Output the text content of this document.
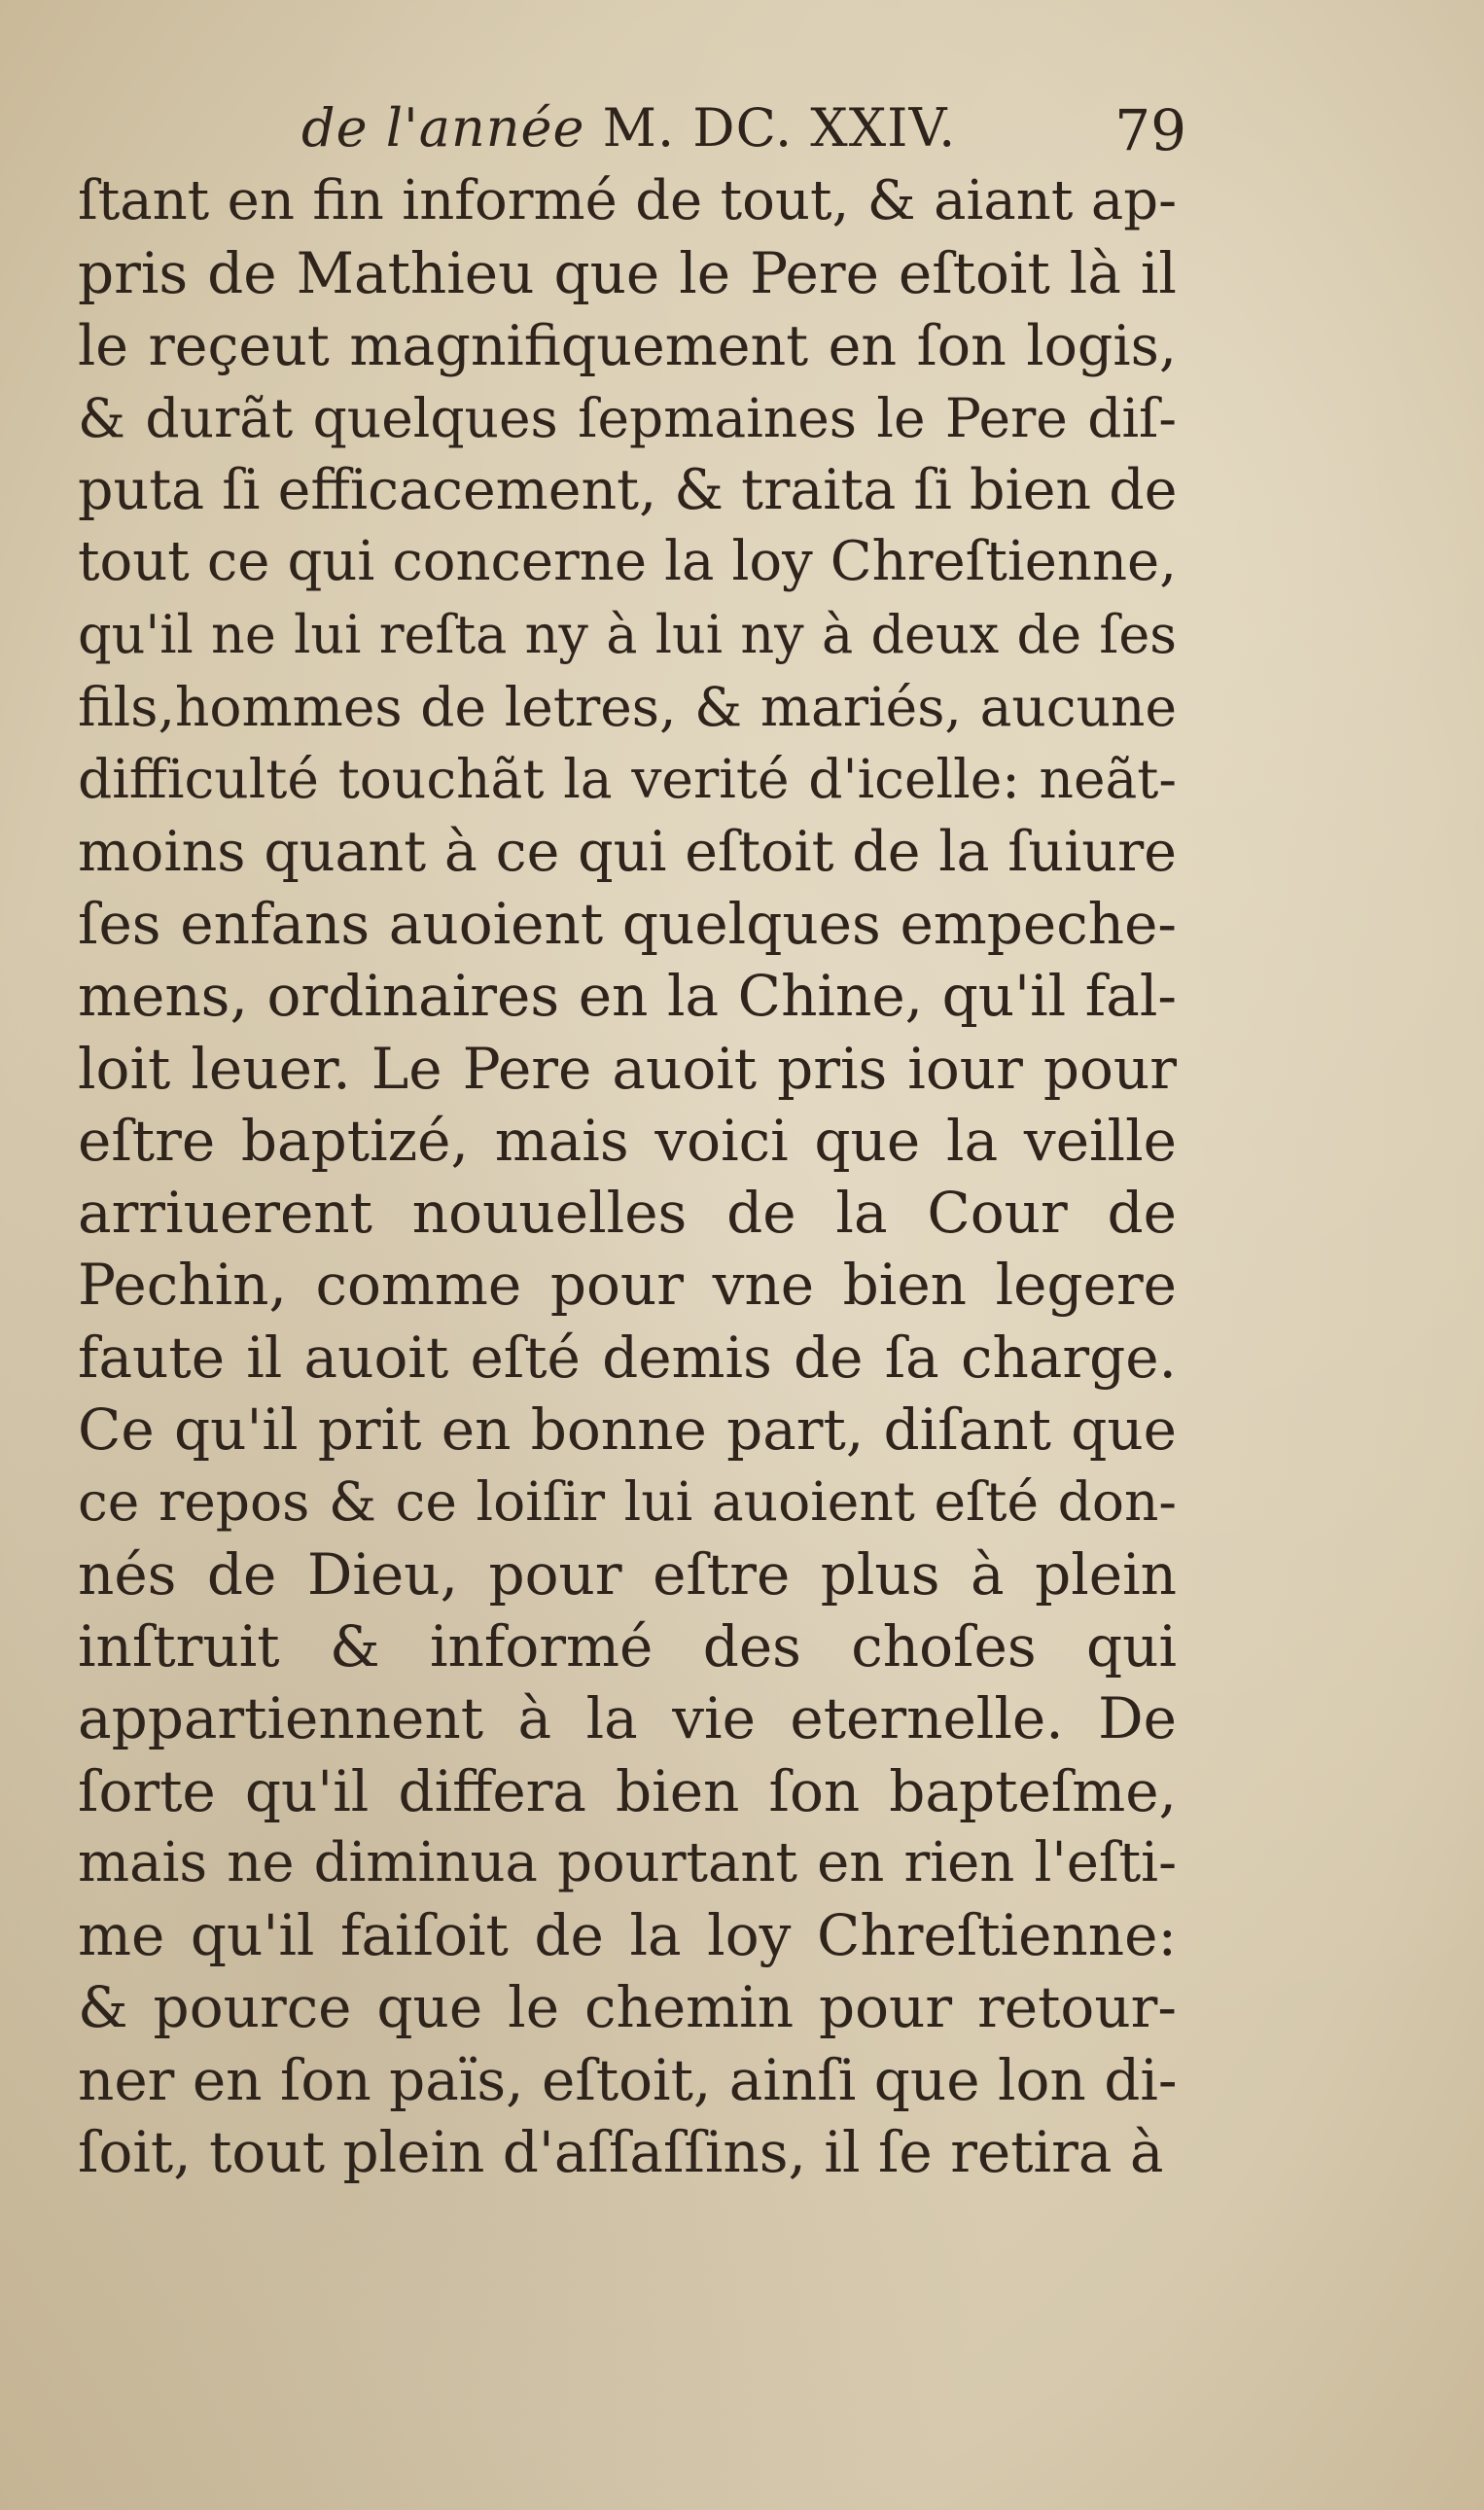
de l'année M. DC. XXIV.	79
ſtant en fin informé de tout, & aiant ap-
pris de Mathieu que le Pere eſtoit là il
le reçeut magnifiquement en ſon logis,
& durãt quelques ſepmaines le Pere diſ-
puta ſi efficacement, & traita ſi bien de
tout ce qui concerne la loy Chreſtienne,
qu'il ne lui reſta ny à lui ny à deux de ſes
fils,hommes de letres, & mariés, aucune
difficulté touchãt la verité d'icelle: neãt-
moins quant à ce qui eſtoit de la ſuiure
ſes enfans auoient quelques empeche-
mens, ordinaires en la Chine, qu'il fal-
loit leuer. Le Pere auoit pris iour pour
eſtre baptizé, mais voici que la veille
arriuerent nouuelles de la Cour de
Pechin, comme pour vne bien legere
faute il auoit eſté demis de ſa charge.
Ce qu'il prit en bonne part, diſant que
ce repos & ce loiſir lui auoient eſté don-
nés de Dieu, pour eſtre plus à plein
inſtruit & informé des choſes qui
appartiennent à la vie eternelle. De
ſorte qu'il differa bien ſon bapteſme,
mais ne diminua pourtant en rien l'eſti-
me qu'il faiſoit de la loy Chreſtienne:
& pource que le chemin pour retour-
ner en ſon païs, eſtoit, ainſi que lon di-
ſoit, tout plein d'aſſaſſins, il ſe retira à
